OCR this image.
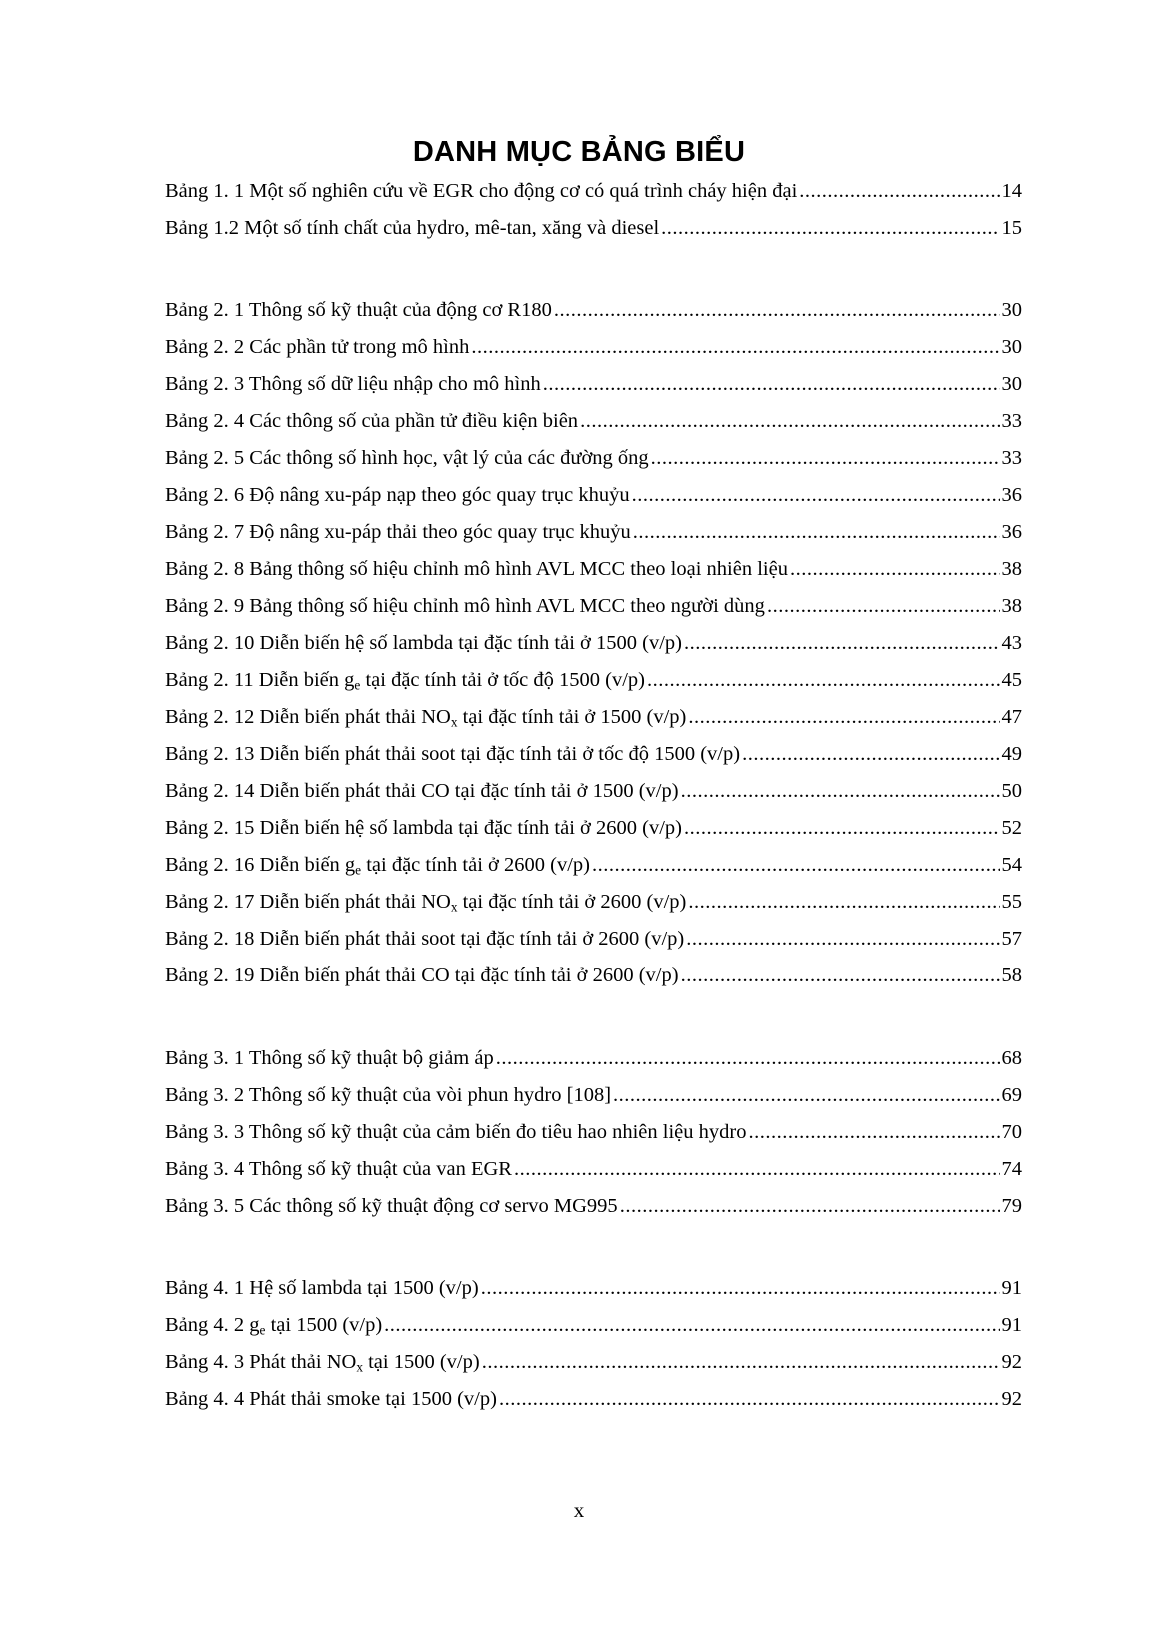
DANH MỤC BẢNG BIỂU
Bảng 1. 1 Một số nghiên cứu về EGR cho động cơ có quá trình cháy hiện đại .....	14
Bảng 1.2 Một số tính chất của hydro, mê-tan, xăng và diesel .....	15
Bảng 2. 1 Thông số kỹ thuật của động cơ R180 .....	30
Bảng 2. 2 Các phần tử trong mô hình .....	30
Bảng 2. 3 Thông số dữ liệu nhập cho mô hình .....	30
Bảng 2. 4 Các thông số của phần tử điều kiện biên .....	33
Bảng 2. 5 Các thông số hình học, vật lý của các đường ống .....	33
Bảng 2. 6 Độ nâng xu-páp nạp theo góc quay trục khuỷu .....	36
Bảng 2. 7 Độ nâng xu-páp thải theo góc quay trục khuỷu .....	36
Bảng 2. 8 Bảng thông số hiệu chỉnh mô hình AVL MCC theo loại nhiên liệu .....	38
Bảng 2. 9 Bảng thông số hiệu chỉnh mô hình AVL MCC theo người dùng .....	38
Bảng 2. 10 Diễn biến hệ số lambda tại đặc tính tải ở 1500 (v/p) .....	43
Bảng 2. 11 Diễn biến $g_e$ tại đặc tính tải ở tốc độ 1500 (v/p) .....	45
Bảng 2. 12 Diễn biến phát thải $NO_x$ tại đặc tính tải ở 1500 (v/p) .....	47
Bảng 2. 13 Diễn biến phát thải soot tại đặc tính tải ở tốc độ 1500 (v/p) .....	49
Bảng 2. 14 Diễn biến phát thải CO tại đặc tính tải ở 1500 (v/p) .....	50
Bảng 2. 15 Diễn biến hệ số lambda tại đặc tính tải ở 2600 (v/p) .....	52
Bảng 2. 16 Diễn biến $g_e$ tại đặc tính tải ở 2600 (v/p) .....	54
Bảng 2. 17 Diễn biến phát thải $NO_x$ tại đặc tính tải ở 2600 (v/p) .....	55
Bảng 2. 18 Diễn biến phát thải soot tại đặc tính tải ở 2600 (v/p) .....	57
Bảng 2. 19 Diễn biến phát thải CO tại đặc tính tải ở 2600 (v/p) .....	58
Bảng 3. 1 Thông số kỹ thuật bộ giảm áp .....	68
Bảng 3. 2 Thông số kỹ thuật của vòi phun hydro [108] .....	69
Bảng 3. 3 Thông số kỹ thuật của cảm biến đo tiêu hao nhiên liệu hydro .....	70
Bảng 3. 4 Thông số kỹ thuật của van EGR .....	74
Bảng 3. 5 Các thông số kỹ thuật động cơ servo MG995 .....	79
Bảng 4. 1 Hệ số lambda tại 1500 (v/p) .....	91
Bảng 4. 2 $g_e$ tại 1500 (v/p) .....	91
Bảng 4. 3 Phát thải $NO_x$ tại 1500 (v/p) .....	92
Bảng 4. 4 Phát thải smoke tại 1500 (v/p) .....	92
x
